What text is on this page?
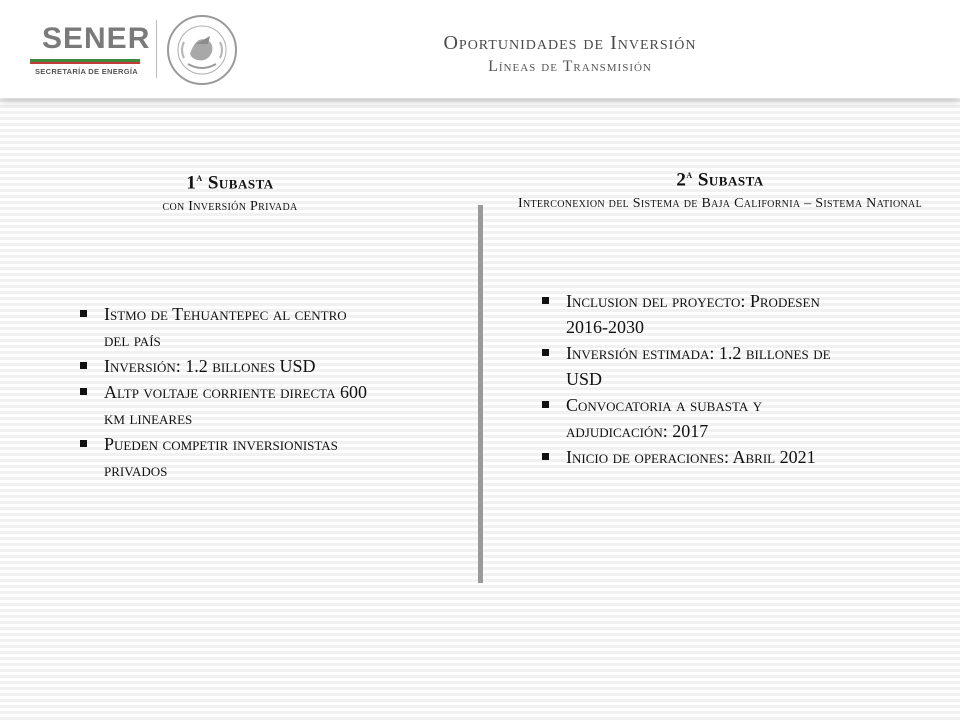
SENER
SECRETARÍA DE ENERGÍA
Oportunidades de Inversión
Líneas de Transmisión
1$^a$ Subasta
con Inversión Privada
2$^a$ Subasta
Interconexion del Sistema de Baja California – Sistema National
Istmo de Tehuantepec al centro del país
Inversión: 1.2 billones USD
Altp voltaje corriente directa 600 km lineares
Pueden competir inversionistas privados
Inclusion del proyecto: Prodesen 2016-2030
Inversión estimada: 1.2 billones de USD
Convocatoria a subasta y adjudicación: 2017
Inicio de operaciones: Abril 2021
